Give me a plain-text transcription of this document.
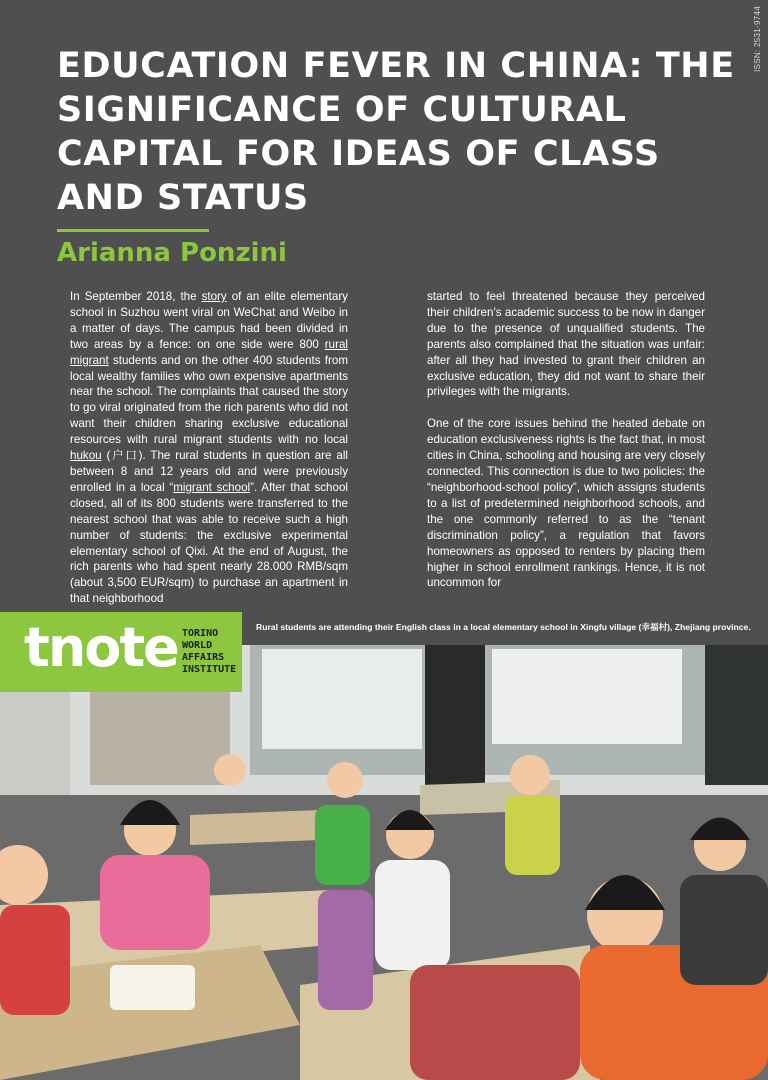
ISSN: 2531-9744
EDUCATION FEVER IN CHINA: THE SIGNIFICANCE OF CULTURAL CAPITAL FOR IDEAS OF CLASS AND STATUS
Arianna Ponzini

In September 2018, the story of an elite elementary school in Suzhou went viral on WeChat and Weibo in a matter of days. The campus had been divided in two areas by a fence: on one side were 800 rural migrant students and on the other 400 students from local wealthy families who own expensive apartments near the school. The complaints that caused the story to go viral originated from the rich parents who did not want their children sharing exclusive educational resources with rural migrant students with no local hukou (户口). The rural students in question are all between 8 and 12 years old and were previously enrolled in a local “migrant school”. After that school closed, all of its 800 students were transferred to the nearest school that was able to receive such a high number of students: the exclusive experimental elementary school of Qixi. At the end of August, the rich parents who had spent nearly 28.000 RMB/sqm (about 3,500 EUR/sqm) to purchase an apartment in that neighborhood

started to feel threatened because they perceived their children’s academic success to be now in danger due to the presence of unqualified students. The parents also complained that the situation was unfair: after all they had invested to grant their children an exclusive education, they did not want to share their privileges with the migrants.

One of the core issues behind the heated debate on education exclusiveness rights is the fact that, in most cities in China, schooling and housing are very closely connected. This connection is due to two policies: the “neighborhood-school policy”, which assigns students to a list of predetermined neighborhood schools, and the one commonly referred to as the “tenant discrimination policy”, a regulation that favors homeowners as opposed to renters by placing them higher in school enrollment rankings. Hence, it is not uncommon for

tnote TORINO
WORLD
AFFAIRS
INSTITUTE
Rural students are attending their English class in a local elementary school in Xingfu village (幸福村), Zhejiang province.
